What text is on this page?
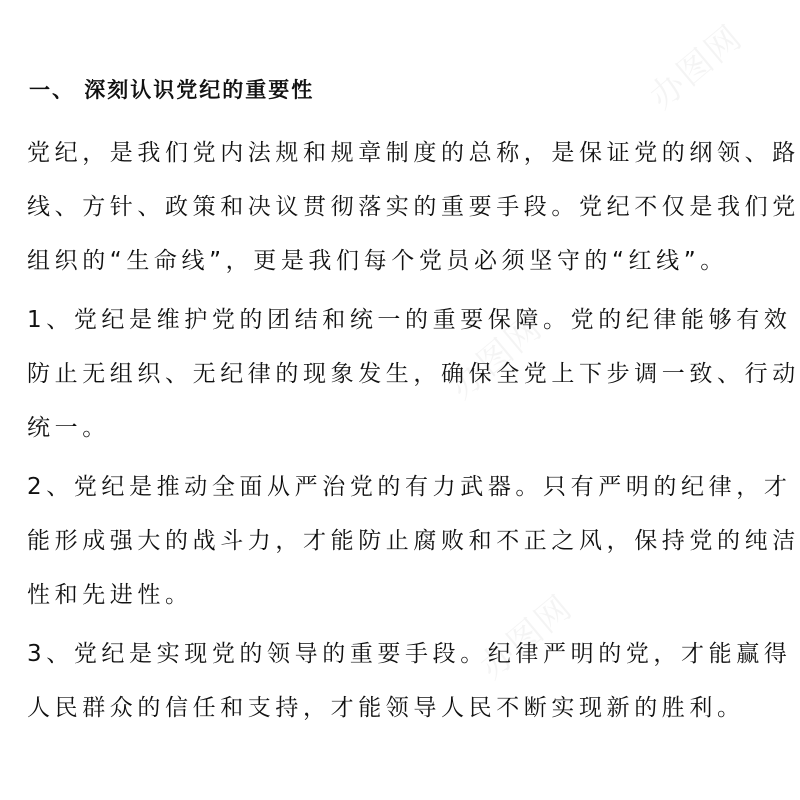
一、 深刻认识党纪的重要性
党纪，是我们党内法规和规章制度的总称，是保证党的纲领、路
线、方针、政策和决议贯彻落实的重要手段。党纪不仅是我们党
组织的“生命线”，更是我们每个党员必须坚守的“红线”。
1、党纪是维护党的团结和统一的重要保障。党的纪律能够有效
防止无组织、无纪律的现象发生，确保全党上下步调一致、行动
统一。
2、党纪是推动全面从严治党的有力武器。只有严明的纪律，才
能形成强大的战斗力，才能防止腐败和不正之风，保持党的纯洁
性和先进性。
3、党纪是实现党的领导的重要手段。纪律严明的党，才能赢得
人民群众的信任和支持，才能领导人民不断实现新的胜利。
